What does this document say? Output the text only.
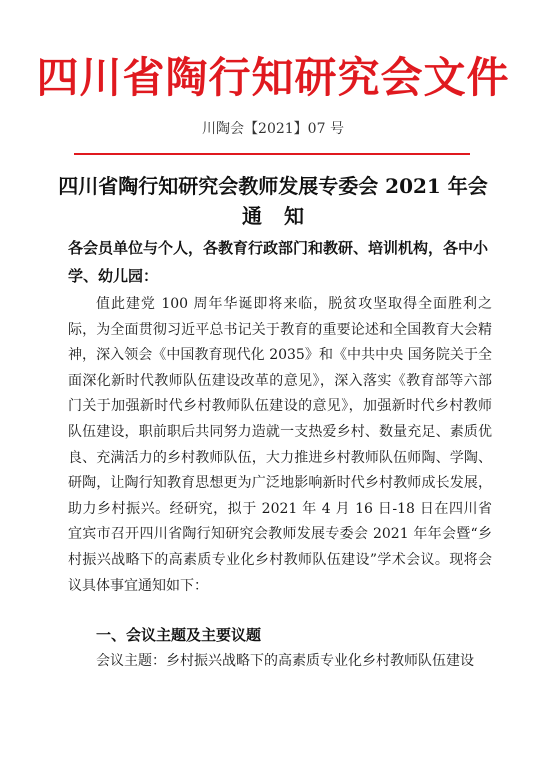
四川省陶行知研究会文件
川陶会【2021】07 号
四川省陶行知研究会教师发展专委会 2021 年会
通知
各会员单位与个人，各教育行政部门和教研、培训机构，各中小学、幼儿园：

值此建党 100 周年华诞即将来临，脱贫攻坚取得全面胜利之际，为全面贯彻习近平总书记关于教育的重要论述和全国教育大会精神，深入领会《中国教育现代化 2035》和《中共中央 国务院关于全面深化新时代教师队伍建设改革的意见》，深入落实《教育部等六部门关于加强新时代乡村教师队伍建设的意见》，加强新时代乡村教师队伍建设，职前职后共同努力造就一支热爱乡村、数量充足、素质优良、充满活力的乡村教师队伍，大力推进乡村教师队伍师陶、学陶、研陶，让陶行知教育思想更为广泛地影响新时代乡村教师成长发展，助力乡村振兴。经研究，拟于 2021 年 4 月 16 日-18 日在四川省宜宾市召开四川省陶行知研究会教师发展专委会 2021 年年会暨“乡村振兴战略下的高素质专业化乡村教师队伍建设”学术会议。现将会议具体事宜通知如下：

一、会议主题及主要议题

会议主题：乡村振兴战略下的高素质专业化乡村教师队伍建设
